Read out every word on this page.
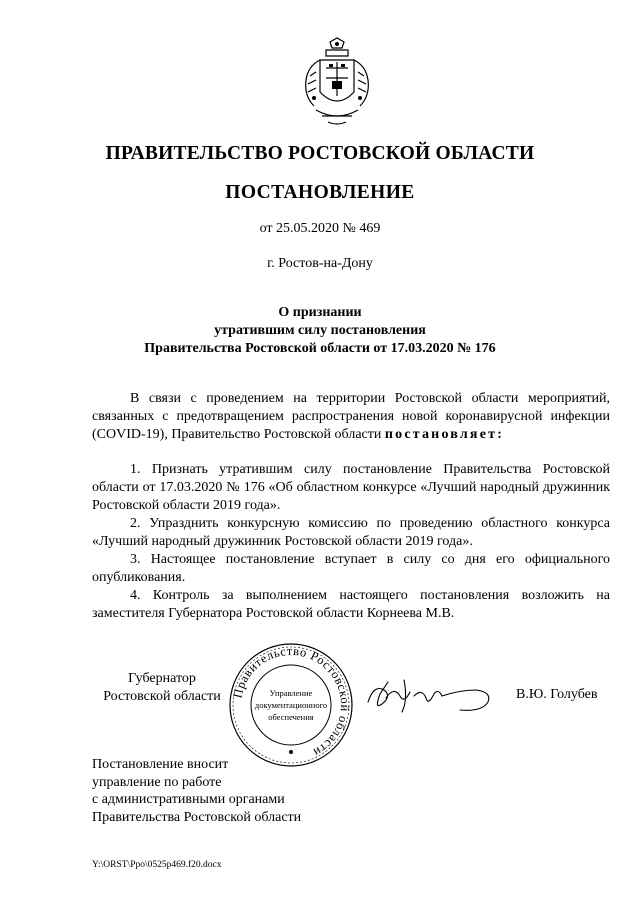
ПРАВИТЕЛЬСТВО РОСТОВСКОЙ ОБЛАСТИ
ПОСТАНОВЛЕНИЕ
от 25.05.2020 № 469
г. Ростов-на-Дону
О признании
утратившим силу постановления
Правительства Ростовской области от 17.03.2020 № 176

В связи с проведением на территории Ростовской области мероприятий, связанных с предотвращением распространения новой коронавирусной инфекции (COVID-19), Правительство Ростовской области постановляет:

1. Признать утратившим силу постановление Правительства Ростовской области от 17.03.2020 № 176 «Об областном конкурсе «Лучший народный дружинник Ростовской области 2019 года».

2. Упразднить конкурсную комиссию по проведению областного конкурса «Лучший народный дружинник Ростовской области 2019 года».

3. Настоящее постановление вступает в силу со дня его официального опубликования.

4. Контроль за выполнением настоящего постановления возложить на заместителя Губернатора Ростовской области Корнеева М.В.

Губернатор
Ростовской области Правительство Ростовской области
Управление
документационного
обеспечения
В.Ю. Голубев
Постановление вносит
управление по работе
с административными органами
Правительства Ростовской области
Y:\ORST\Ppo\0525p469.f20.docx
